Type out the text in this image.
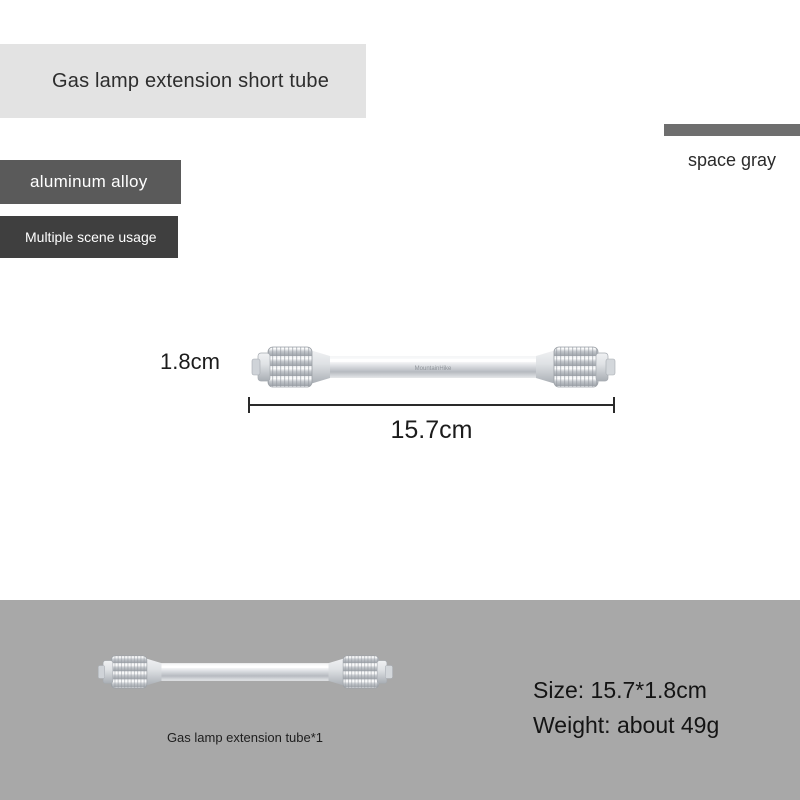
Gas lamp extension short tube
space gray
aluminum alloy
Multiple scene usage
MountainHike
1.8cm
15.7cm
Gas lamp extension tube*1
Size: 15.7*1.8cm
Weight: about 49g
